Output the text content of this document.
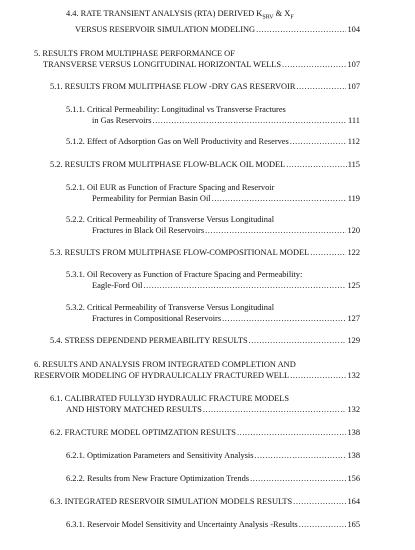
4.4. RATE TRANSIENT ANALYSIS (RTA) DERIVED $K_{SRV}$ & $X_F$
VERSUS RESERVOIR SIMULATION MODELING .....	104
5. RESULTS FROM MULTIPHASE PERFORMANCE OF
TRANSVERSE VERSUS LONGITUDINAL HORIZONTAL WELLS .....	107
5.1. RESULTS FROM MULITPHASE FLOW -DRY GAS RESERVOIR .....	107
5.1.1. Critical Permeability: Longitudinal vs Transverse Fractures
in Gas Reservoirs .....	111
5.1.2. Effect of Adsorption Gas on Well Productivity and Reserves .....	112
5.2. RESULTS FROM MULITPHASE FLOW-BLACK OIL MODEL .....	115
5.2.1. Oil EUR as Function of Fracture Spacing and Reservoir
Permeability for Permian Basin Oil .....	119
5.2.2. Critical Permeability of Transverse Versus Longitudinal
Fractures in Black Oil Reservoirs .....	120
5.3. RESULTS FROM MULITPHASE FLOW-COMPOSITIONAL MODEL .....	122
5.3.1. Oil Recovery as Function of Fracture Spacing and Permeability:
Eagle-Ford Oil .....	125
5.3.2. Critical Permeability of Transverse Versus Longitudinal
Fractures in Compositional Reservoirs .....	127
5.4. STRESS DEPENDEND PERMEABILITY RESULTS .....	129
6. RESULTS AND ANALYSIS FROM INTEGRATED COMPLETION AND
RESERVOIR MODELING OF HYDRAULICALLY FRACTURED WELL .....	132
6.1. CALIBRATED FULLY3D HYDRAULIC FRACTURE MODELS
AND HISTORY MATCHED RESULTS .....	132
6.2. FRACTURE MODEL OPTIMZATION RESULTS .....	138
6.2.1. Optimization Parameters and Sensitivity Analysis .....	138
6.2.2. Results from New Fracture Optimization Trends .....	156
6.3. INTEGRATED RESERVOIR SIMULATION MODELS RESULTS .....	164
6.3.1. Reservoir Model Sensitivity and Uncertainty Analysis -Results .....	165
